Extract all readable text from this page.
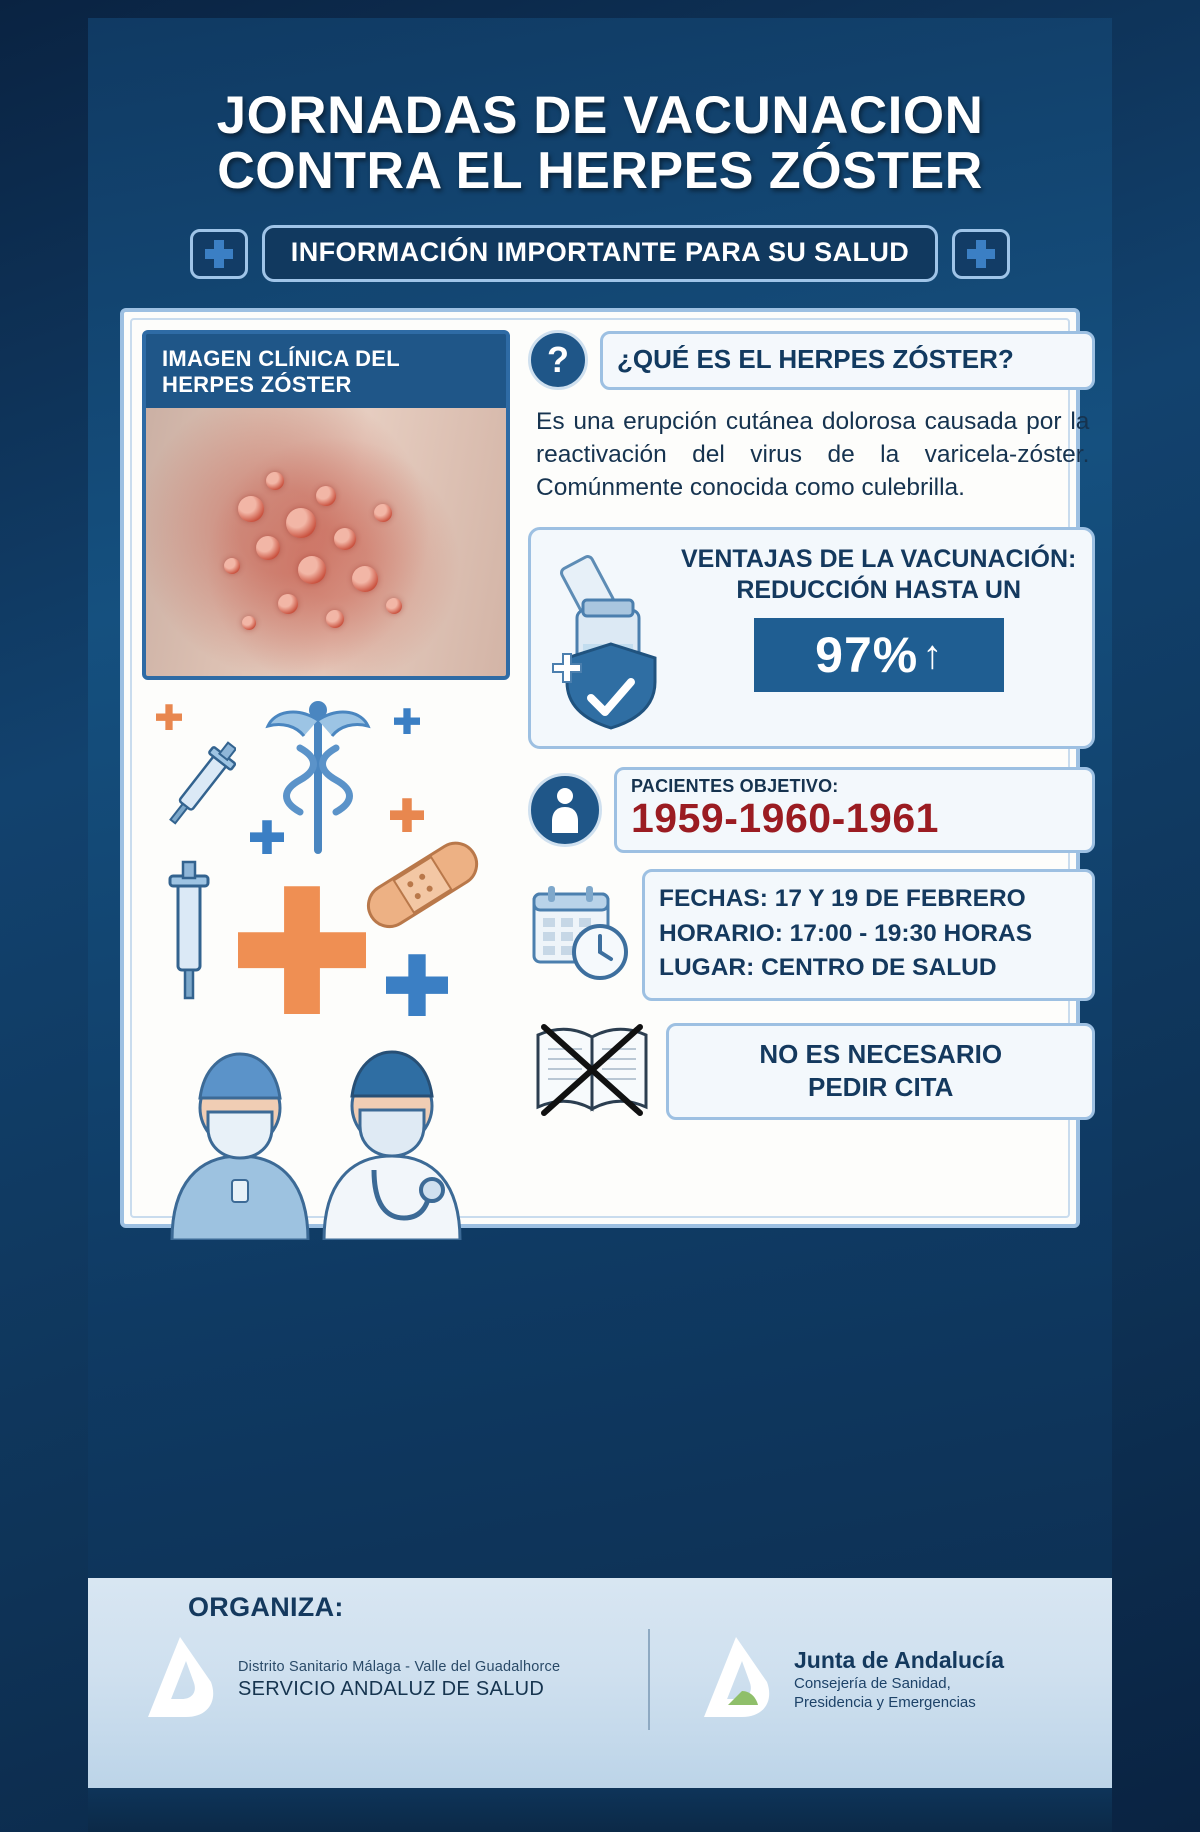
JORNADAS DE VACUNACION
CONTRA EL HERPES ZÓSTER
INFORMACIÓN IMPORTANTE PARA SU SALUD
IMAGEN CLÍNICA DEL
HERPES ZÓSTER
?	¿QUÉ ES EL HERPES ZÓSTER?
Es una erupción cutánea dolorosa causada por la reactivación del virus de la varicela-zóster. Comúnmente conocida como culebrilla.
VENTAJAS DE LA VACUNACIÓN:
REDUCCIÓN HASTA UN
97% ↑
PACIENTES OBJETIVO:
1959-1960-1961
FECHAS: 17 Y 19 DE FEBRERO
HORARIO: 17:00 - 19:30 HORAS
LUGAR: CENTRO DE SALUD
NO ES NECESARIO
PEDIR CITA
ORGANIZA:
Distrito Sanitario Málaga - Valle del Guadalhorce
SERVICIO ANDALUZ DE SALUD
Junta de Andalucía
Consejería de Sanidad,
Presidencia y Emergencias
